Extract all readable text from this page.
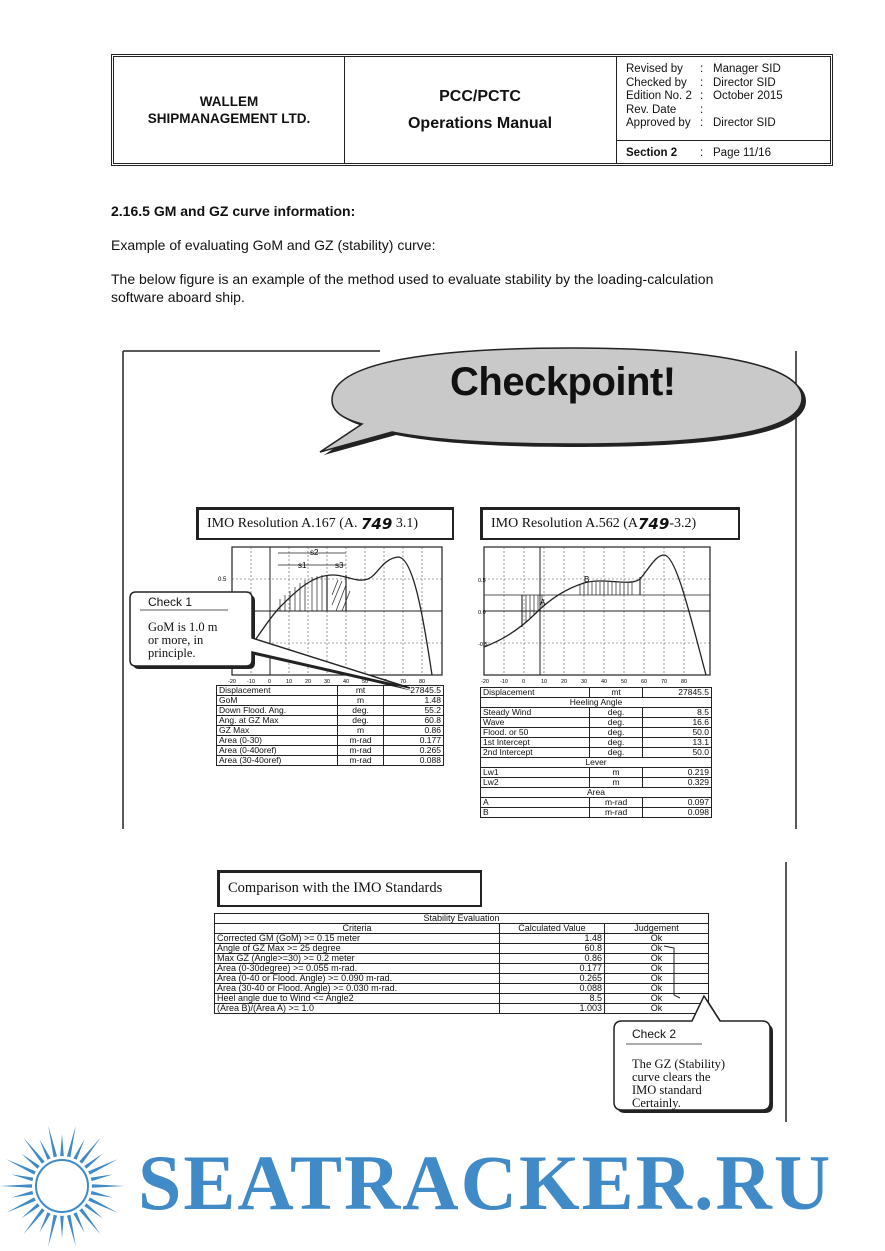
WALLEM
SHIPMANAGEMENT LTD.
PCC/PCTC
Operations Manual
Revised by	: Manager SID
Checked by	: Director SID
Edition No. 2 : October 2015
Rev. Date	:
Approved by : Director SID
Section 2	: Page 11/16
2.16.5 GM and GZ curve information:
Example of evaluating GoM and GZ (stability) curve:
The below figure is an example of the method used to evaluate stability by the loading-calculation
software aboard ship.
Checkpoint!
IMO Resolution A.167 (A.
749
3.1)	IMO Resolution A.562 (A 749 -3.2)
s2
s1	s3
0.5
-20 -10 0	10 20 30 40 50	70 80
A
B
0.5
0.0
-0.5
-20 -10	0	10	20	30	40	50	60	70	80
Check 1
GoM is 1.0 m
or more, in
principle.
Displacement	mt	27845.5
GoM	m	1.48
Down Flood. Ang.	deg.	55.2
Ang. at GZ Max	deg.	60.8
GZ Max	m	0.86
Area (0-30)	m-rad	0.177
Area (0-40oref)	m-rad	0.265
Area (30-40oref)	m-rad	0.088
Displacement	mt	27845.5
Heeling Angle		
Steady Wind	deg.	8.5
Wave	deg.	16.6
Flood. or 50	deg.	50.0
1st Intercept	deg.	13.1
2nd Intercept	deg.	50.0
Lever		
Lw1	m	0.219
Lw2	m	0.329
Area		
A	m-rad	0.097
B	m-rad	0.098
Comparison with the IMO Standards
Stability Evaluation		
Criteria	Calculated Value	Judgement
Corrected GM (GoM) >= 0.15 meter	1.48	Ok
Angle of GZ Max >= 25 degree	60.8	Ok
Max GZ (Angle>=30) >= 0.2 meter	0.86	Ok
Area (0-30degree) >= 0.055 m-rad.	0.177	Ok
Area (0-40 or Flood. Angle) >= 0.090 m-rad.	0.265	Ok
Area (30-40 or Flood. Angle) >= 0.030 m-rad.	0.088	Ok
Heel angle due to Wind <= Angle2	8.5	Ok
(Area B)/(Area A) >= 1.0	1.003	Ok
Check 2
The GZ (Stability)
curve clears the
IMO standard
Certainly.
SEATRACKER.RU
